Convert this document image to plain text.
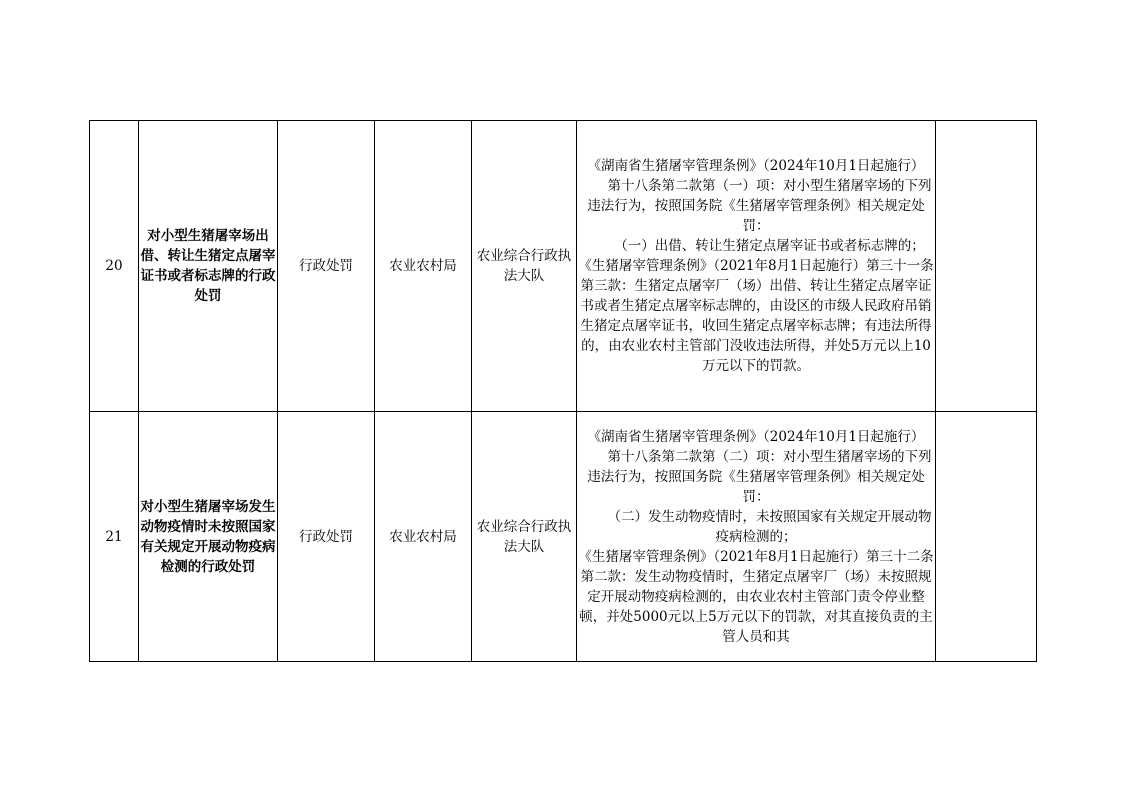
20	对小型生猪屠宰场出借、转让生猪定点屠宰证书或者标志牌的行政处罚	行政处罚	农业农村局	农业综合行政执法大队	《湖南省生猪屠宰管理条例》（2024年10月1日起施行）
第十八条第二款第（一）项：对小型生猪屠宰场的下列违法行为，按照国务院《生猪屠宰管理条例》相关规定处罚：
（一）出借、转让生猪定点屠宰证书或者标志牌的；
《生猪屠宰管理条例》（2021年8月1日起施行）第三十一条第三款：生猪定点屠宰厂（场）出借、转让生猪定点屠宰证书或者生猪定点屠宰标志牌的，由设区的市级人民政府吊销生猪定点屠宰证书，收回生猪定点屠宰标志牌；有违法所得的，由农业农村主管部门没收违法所得，并处5万元以上10万元以下的罚款。	

21	对小型生猪屠宰场发生动物疫情时未按照国家有关规定开展动物疫病检测的行政处罚	行政处罚	农业农村局	农业综合行政执法大队	《湖南省生猪屠宰管理条例》（2024年10月1日起施行）
第十八条第二款第（二）项：对小型生猪屠宰场的下列违法行为，按照国务院《生猪屠宰管理条例》相关规定处罚：
（二）发生动物疫情时，未按照国家有关规定开展动物疫病检测的；
《生猪屠宰管理条例》（2021年8月1日起施行）第三十二条第二款：发生动物疫情时，生猪定点屠宰厂（场）未按照规定开展动物疫病检测的，由农业农村主管部门责令停业整顿，并处5000元以上5万元以下的罚款，对其直接负责的主管人员和其	
